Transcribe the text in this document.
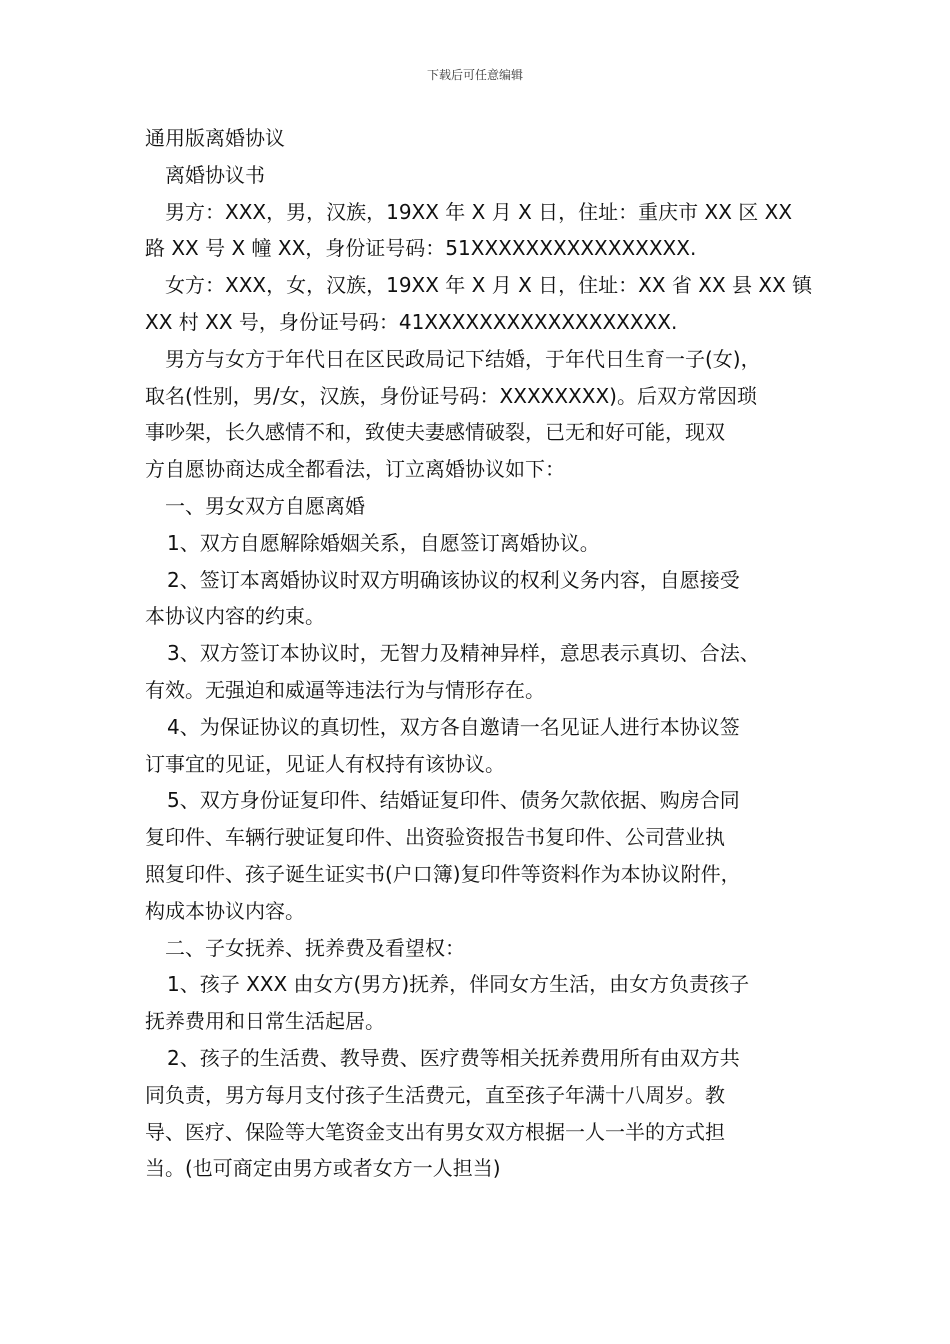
下载后可任意编辑
通用版离婚协议
离婚协议书
男方：XXX，男，汉族，19XX 年 X 月 X 日，住址：重庆市 XX 区 XX
路 XX 号 X 幢 XX，身份证号码：51XXXXXXXXXXXXXXXX.
女方：XXX，女，汉族，19XX 年 X 月 X 日，住址：XX 省 XX 县 XX 镇
XX 村 XX 号，身份证号码：41XXXXXXXXXXXXXXXXXX.
男方与女方于年代日在区民政局记下结婚，于年代日生育一子(女)，
取名(性别，男/女，汉族，身份证号码：XXXXXXXX)。后双方常因琐
事吵架，长久感情不和，致使夫妻感情破裂，已无和好可能，现双
方自愿协商达成全都看法，订立离婚协议如下：
一、男女双方自愿离婚
1、双方自愿解除婚姻关系，自愿签订离婚协议。
2、签订本离婚协议时双方明确该协议的权利义务内容，自愿接受
本协议内容的约束。
3、双方签订本协议时，无智力及精神异样，意思表示真切、合法、
有效。无强迫和威逼等违法行为与情形存在。
4、为保证协议的真切性，双方各自邀请一名见证人进行本协议签
订事宜的见证，见证人有权持有该协议。
5、双方身份证复印件、结婚证复印件、债务欠款依据、购房合同
复印件、车辆行驶证复印件、出资验资报告书复印件、公司营业执
照复印件、孩子诞生证实书(户口簿)复印件等资料作为本协议附件，
构成本协议内容。
二、子女抚养、抚养费及看望权：
1、孩子 XXX 由女方(男方)抚养，伴同女方生活，由女方负责孩子
抚养费用和日常生活起居。
2、孩子的生活费、教导费、医疗费等相关抚养费用所有由双方共
同负责，男方每月支付孩子生活费元，直至孩子年满十八周岁。教
导、医疗、保险等大笔资金支出有男女双方根据一人一半的方式担
当。(也可商定由男方或者女方一人担当)
